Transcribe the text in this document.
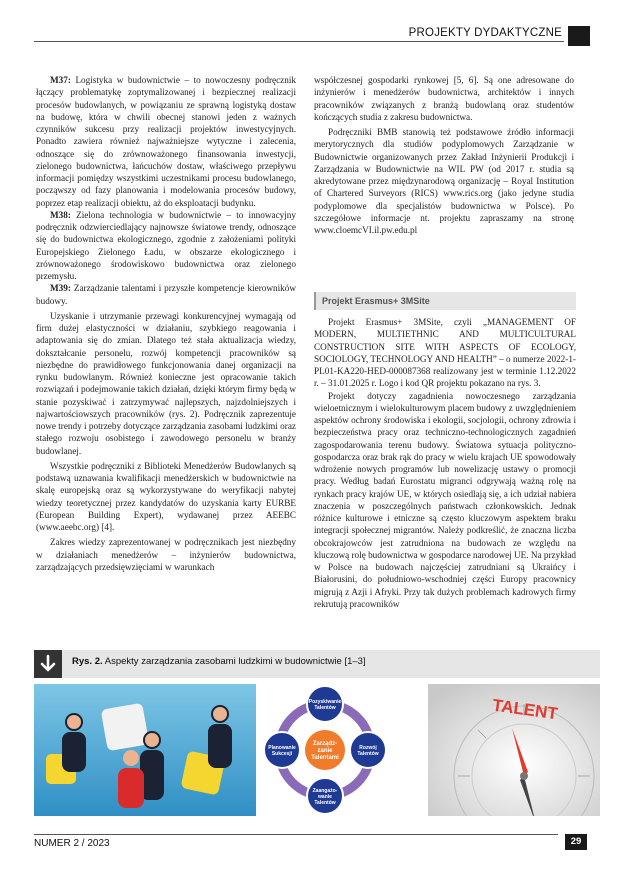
PROJEKTY DYDAKTYCZNE

M37: Logistyka w budownictwie – to nowoczesny podręcznik łączący problematykę zoptymalizowanej i bezpiecznej realizacji procesów budowlanych, w powiązaniu ze sprawną logistyką dostaw na budowę, która w chwili obecnej stanowi jeden z ważnych czynników sukcesu przy realizacji projektów inwestycyjnych. Ponadto zawiera również najważniejsze wytyczne i zalecenia, odnoszące się do zrównoważonego finansowania inwestycji, zielonego budownictwa, łańcuchów dostaw, właściwego przepływu informacji pomiędzy wszystkimi uczestnikami procesu budowlanego, począwszy od fazy planowania i modelowania procesów budowy, poprzez etap realizacji obiektu, aż do eksploatacji budynku.

M38: Zielona technologia w budownictwie – to innowacyjny podręcznik odzwierciedlający najnowsze światowe trendy, odnoszące się do budownictwa ekologicznego, zgodnie z założeniami polityki Europejskiego Zielonego Ładu, w obszarze ekologicznego i zrównoważonego środowiskowo budownictwa oraz zielonego przemysłu.

M39: Zarządzanie talentami i przyszłe kompetencje kierowników budowy.

Uzyskanie i utrzymanie przewagi konkurencyjnej wymagają od firm dużej elastyczności w działaniu, szybkiego reagowania i adaptowania się do zmian. Dlatego też stała aktualizacja wiedzy, dokształcanie personelu, rozwój kompetencji pracowników są niezbędne do prawidłowego funkcjonowania danej organizacji na rynku budowlanym. Również konieczne jest opracowanie takich rozwiązań i podejmowanie takich działań, dzięki którym firmy będą w stanie pozyskiwać i zatrzymywać najlepszych, najzdolniejszych i najwartościowszych pracowników (rys. 2). Podręcznik zaprezentuje nowe trendy i potrzeby dotyczące zarządzania zasobami ludzkimi oraz stałego rozwoju osobistego i zawodowego personelu w branży budowlanej.

Wszystkie podręczniki z Biblioteki Menedżerów Budowlanych są podstawą uznawania kwalifikacji menedżerskich w budownictwie na skalę europejską oraz są wykorzystywane do weryfikacji nabytej wiedzy teoretycznej przez kandydatów do uzyskania karty EURBE (European Building Expert), wydawanej przez AEEBC (www.aeebc.org) [4].

Zakres wiedzy zaprezentowanej w podręcznikach jest niezbędny w działaniach menedżerów – inżynierów budownictwa, zarządzających przedsięwzięciami w warunkach

współczesnej gospodarki rynkowej [5, 6]. Są one adresowane do inżynierów i menedżerów budownictwa, architektów i innych pracowników związanych z branżą budowlaną oraz studentów kończących studia z zakresu budownictwa.

Podręczniki BMB stanowią też podstawowe źródło informacji merytorycznych dla studiów podyplomowych Zarządzanie w Budownictwie organizowanych przez Zakład Inżynierii Produkcji i Zarządzania w Budownictwie na WIL PW (od 2017 r. studia są akredytowane przez międzynarodową organizację – Royal Institution of Chartered Surveyors (RICS) www.rics.org (jako jedyne studia podyplomowe dla specjalistów budownictwa w Polsce). Po szczegółowe informacje nt. projektu zapraszamy na stronę www.cloemcVI.il.pw.edu.pl

Projekt Erasmus+ 3MSite

Projekt Erasmus+ 3MSite, czyli „MANAGEMENT OF MODERN, MULTIETHNIC AND MULTICULTURAL CONSTRUCTION SITE WITH ASPECTS OF ECOLOGY, SOCIOLOGY, TECHNOLOGY AND HEALTH” – o numerze 2022-1-PL01-KA220-HED-000087368 realizowany jest w terminie 1.12.2022 r. – 31.01.2025 r. Logo i kod QR projektu pokazano na rys. 3.

Projekt dotyczy zagadnienia nowoczesnego zarządzania wieloetnicznym i wielokulturowym placem budowy z uwzględnieniem aspektów ochrony środowiska i ekologii, socjologii, ochrony zdrowia i bezpieczeństwa pracy oraz techniczno-technologicznych zagadnień zagospodarowania terenu budowy. Światowa sytuacja polityczno-gospodarcza oraz brak rąk do pracy w wielu krajach UE spowodowały wdrożenie nowych programów lub nowelizację ustawy o promocji pracy. Według badań Eurostatu migranci odgrywają ważną rolę na rynkach pracy krajów UE, w których osiedlają się, a ich udział nabiera znaczenia w poszczególnych państwach członkowskich. Jednak różnice kulturowe i etniczne są często kluczowym aspektem braku integracji społecznej migrantów. Należy podkreślić, że znaczna liczba obcokrajowców jest zatrudniona na budowach ze względu na kluczową rolę budownictwa w gospodarce narodowej UE. Na przykład w Polsce na budowach najczęściej zatrudniani są Ukraińcy i Białorusini, do południowo-wschodniej części Europy pracownicy migrują z Azji i Afryki. Przy tak dużych problemach kadrowych firmy rekrutują pracowników

Rys. 2. Aspekty zarządzania zasobami ludzkimi w budownictwie [1–3]
Pozyskiwanie
Talentów
Planowanie
Sukcesji
Rozwój
Talentów
Zaangażo-
wanie
Talentów
Zarządz-
zanie
Talentami
TALENT
NUMER 2 / 2023	29
